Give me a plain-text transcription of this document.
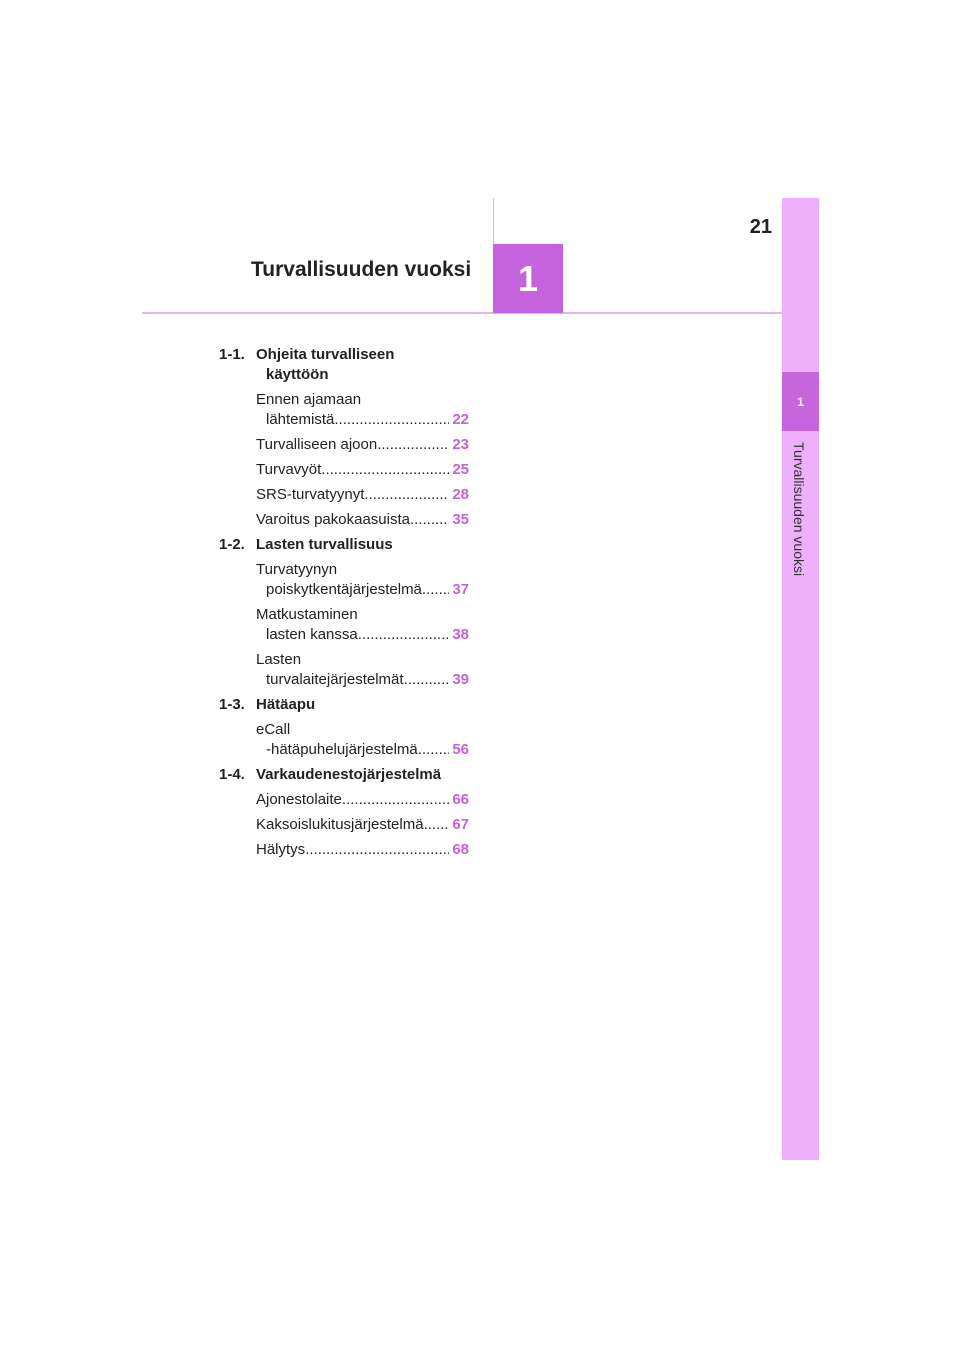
21
Turvallisuuden vuoksi	1
1
Turvallisuuden vuoksi
1-1. Ohjeita turvalliseen
käyttöön
Ennen ajamaan
lähtemistä .....	22
Turvalliseen ajoon .....	23
Turvavyöt .....	25
SRS-turvatyynyt .....	28
Varoitus pakokaasuista .....	35
1-2. Lasten turvallisuus
Turvatyynyn
poiskytkentäjärjestelmä ..... 37
Matkustaminen
lasten kanssa .....	38
Lasten
turvalaitejärjestelmät .....	39
1-3. Hätäapu
eCall
-hätäpuhelujärjestelmä ..... 56
1-4. Varkaudenestojärjestelmä
Ajonestolaite .....	66
Kaksoislukitusjärjestelmä ..... 67
Hälytys .....	68
